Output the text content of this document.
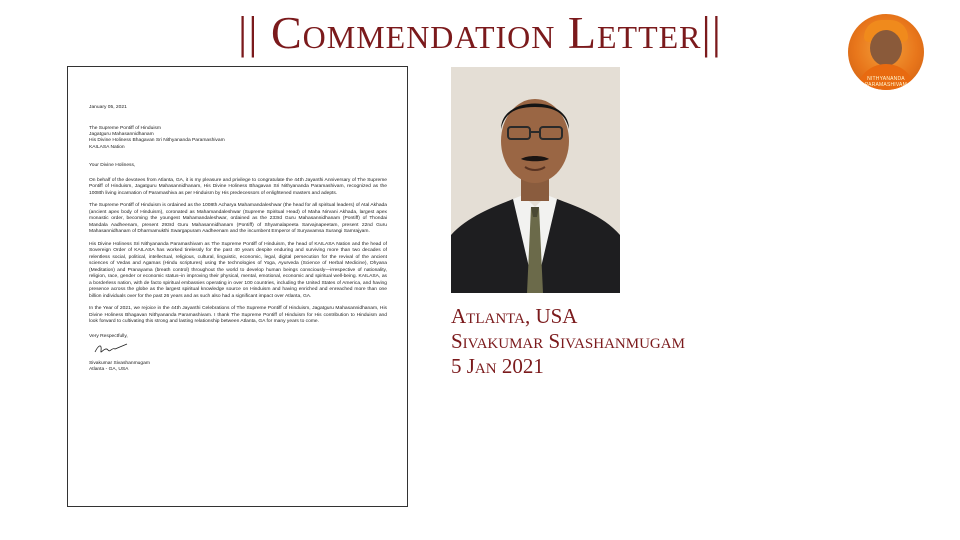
|| Commendation Letter||
NITHYANANDA PARAMASHIVAM

January 05, 2021

The Supreme Pontiff of Hinduism
Jagatguru Mahasannidhanam
His Divine Holiness Bhagavan Sri Nithyananda Paramashivam
KAILASA Nation

Your Divine Holiness,

On behalf of the devotees from Atlanta, GA, it is my pleasure and privilege to congratulate the 44th Jayanthi Anniversary of The Supreme Pontiff of Hinduism, Jagatguru Mahasannidhanam, His Divine Holiness Bhagavan Sri Nithyananda Paramashivam, recognized as the 1008th living incarnation of Paramashiva as per Hinduism by His predecessors of enlightened masters and adepts.

The Supreme Pontiff of Hinduism is ordained as the 1008th Acharya Mahamandaleshwar (the head for all spiritual leaders) of Atal Akhada (ancient apex body of Hinduism), coronated as Mahamandaleshwar (Supreme Spiritual Head) of Maha Nirvani Akhada, largest apex monastic order, becoming the youngest Mahamandaleshwar, ordained as the 233rd Guru Mahasannidhanam (Pontiff) of Thondai Mandala Aadheenam, present 293rd Guru Mahasannidhanam (Pontiff) of Shyamalapeeta Sarvajnapeetam, present 22nd Guru Mahasannidhanam of Dharmamukthi Swargapuram Aadheenam and the incumbent Emperor of Suryavamsa Surangi Samrajyam.

His Divine Holiness Sri Nithyananda Paramashivam as The Supreme Pontiff of Hinduism, the head of KAILASA Nation and the head of Sovereign Order of KAILASA has worked tirelessly for the past 40 years despite enduring and surviving more than two decades of relentless social, political, intellectual, religious, cultural, linguistic, economic, legal, digital persecution for the revival of the ancient sciences of Vedas and Agamas (Hindu scriptures) using the technologies of Yoga, Ayurveda (Science of Herbal Medicine), Dhyana (Meditation) and Pranayama (breath control) throughout the world to develop human beings consciously—irrespective of nationality, religion, race, gender or economic status–in improving their physical, mental, emotional, economic and spiritual well-being. KAILASA, as a borderless nation, with de facto spiritual embassies operating in over 100 countries, including the United States of America, and having presence across the globe as the largest spiritual knowledge source on Hinduism and having enriched and enreached more than one billion individuals over for the past 26 years and as such also had a significant impact over Atlanta, GA.

In the Year of 2021, we rejoice in the 44th Jayanthi Celebrations of The Supreme Pontiff of Hinduism, Jagatguru Mahasannidhanam, His Divine Holiness Bhagavan Nithyananda Paramashivam. I thank The Supreme Pontiff of Hinduism for His contribution to Hinduism and look forward to cultivating this strong and lasting relationship between Atlanta, GA for many years to come.

Very Respectfully,
Sivakumar Sivashanmugam
Atlanta - GA, USA
Atlanta, USA
Sivakumar Sivashanmugam
5 Jan 2021
